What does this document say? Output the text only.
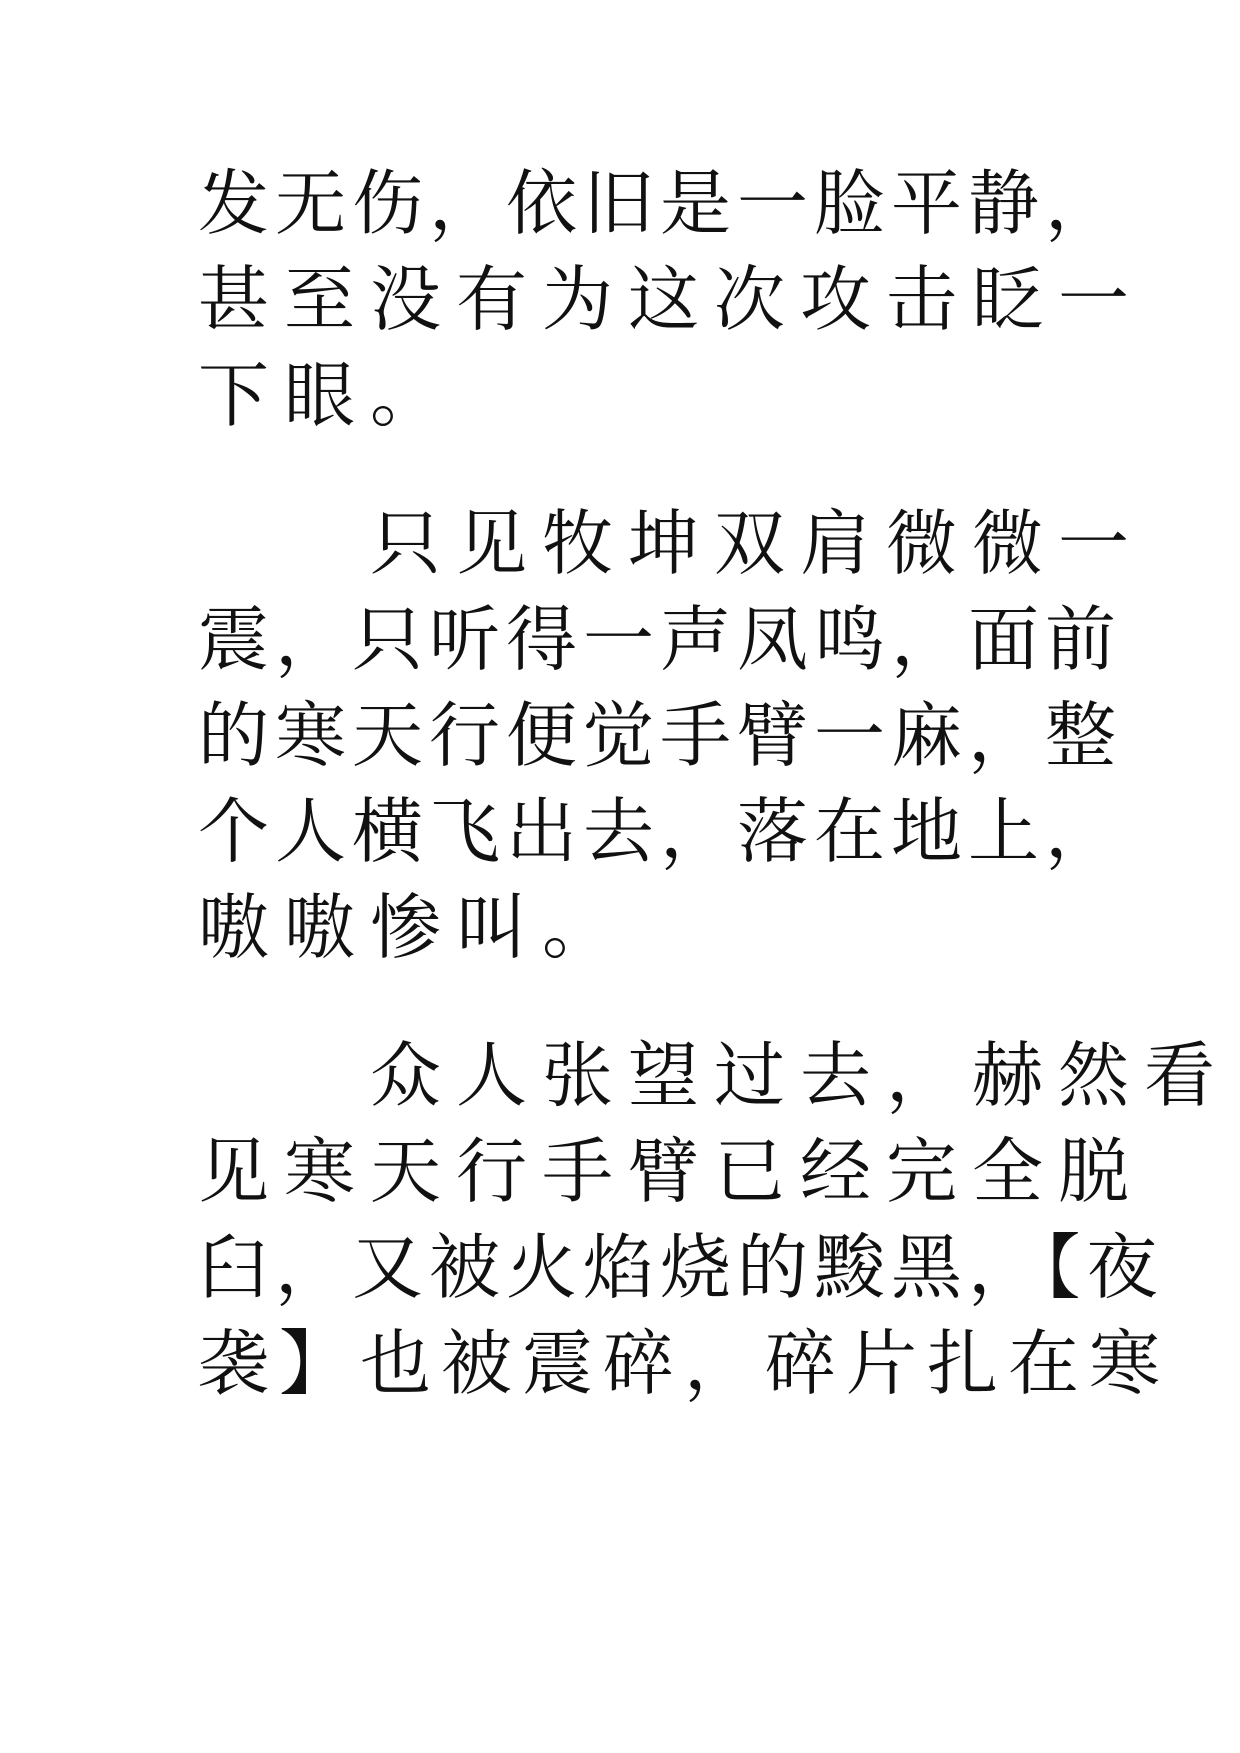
发无伤，依旧是一脸平静，
甚至没有为这次攻击眨一
下眼。
　　只见牧坤双肩微微一
震，只听得一声凤鸣，面前
的寒天行便觉手臂一麻，整
个人横飞出去，落在地上，
嗷嗷惨叫。
　　众人张望过去，赫然看
见寒天行手臂已经完全脱
臼，又被火焰烧的黢黑，【夜
袭】也被震碎，碎片扎在寒
